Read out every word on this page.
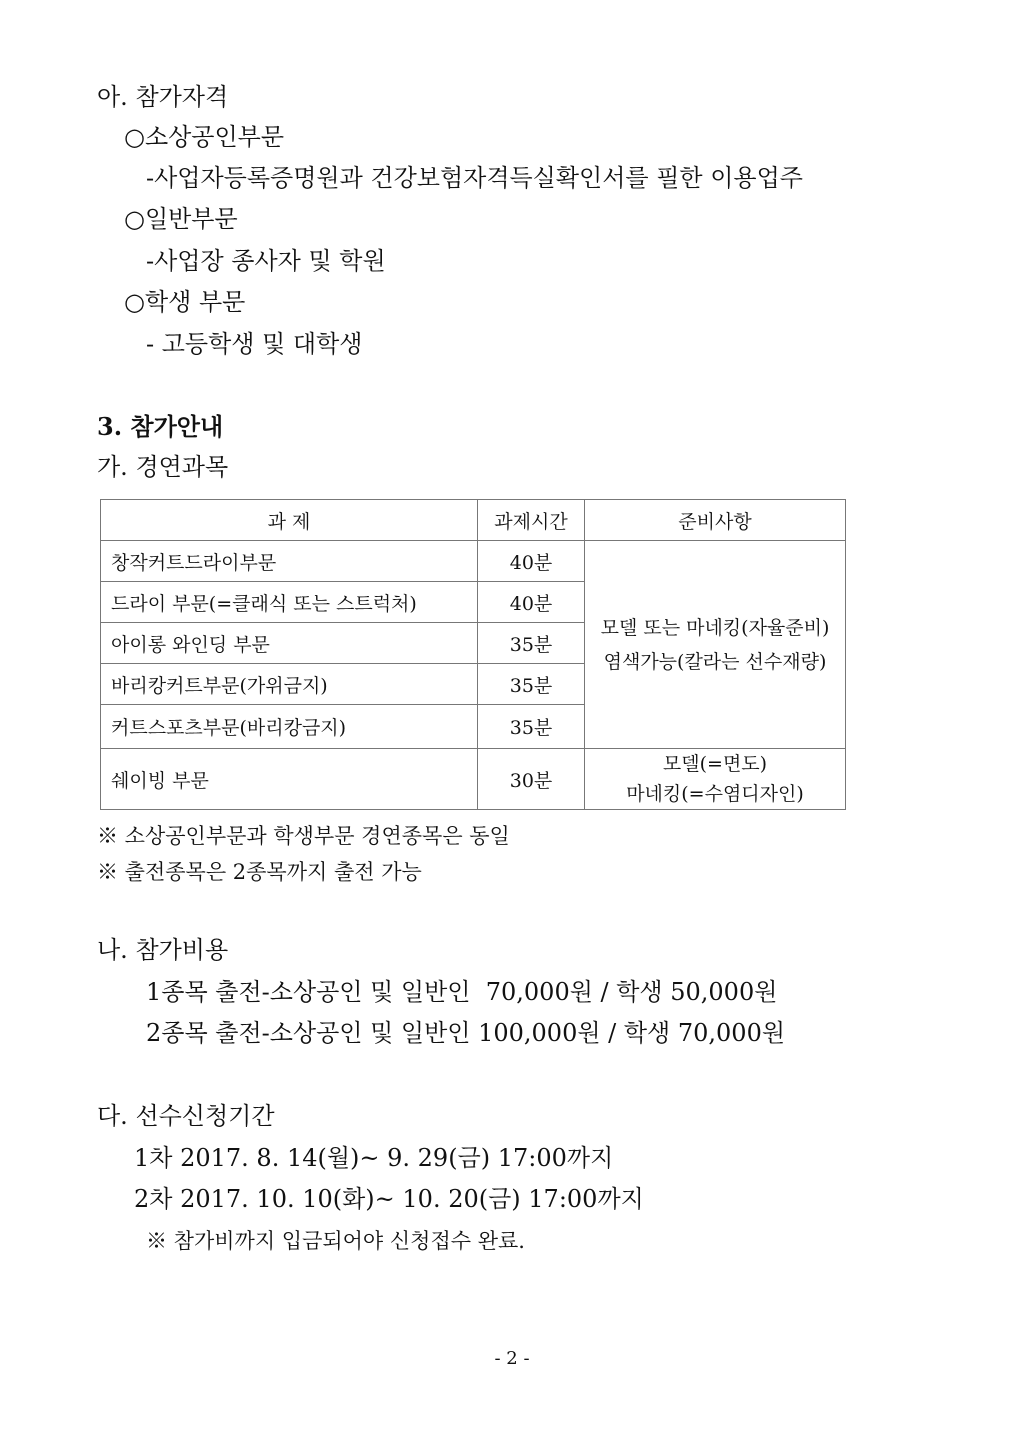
아. 참가자격
○소상공인부문
-사업자등록증명원과 건강보험자격득실확인서를 필한 이용업주
○일반부문
-사업장 종사자 및 학원
○학생 부문
- 고등학생 및 대학생
3. 참가안내
가. 경연과목
과 제	과제시간	준비사항
창작커트드라이부문	40분	모델 또는 마네킹(자율준비)
염색가능(칼라는 선수재량)

드라이 부문(=클래식 또는 스트럭처)	40분	
아이롱 와인딩 부문	35분	
바리캉커트부문(가위금지)	35분	
커트스포츠부문(바리캉금지)	35분	
쉐이빙 부문	30분	모델(=면도)
마네킹(=수염디자인)
※ 소상공인부문과 학생부문 경연종목은 동일
※ 출전종목은 2종목까지 출전 가능
나. 참가비용
1종목 출전-소상공인 및 일반인  70,000원 / 학생 50,000원
2종목 출전-소상공인 및 일반인 100,000원 / 학생 70,000원
다. 선수신청기간
1차 2017. 8. 14(월)~ 9. 29(금) 17:00까지
2차 2017. 10. 10(화)~ 10. 20(금) 17:00까지
※ 참가비까지 입금되어야 신청접수 완료.
- 2 -
